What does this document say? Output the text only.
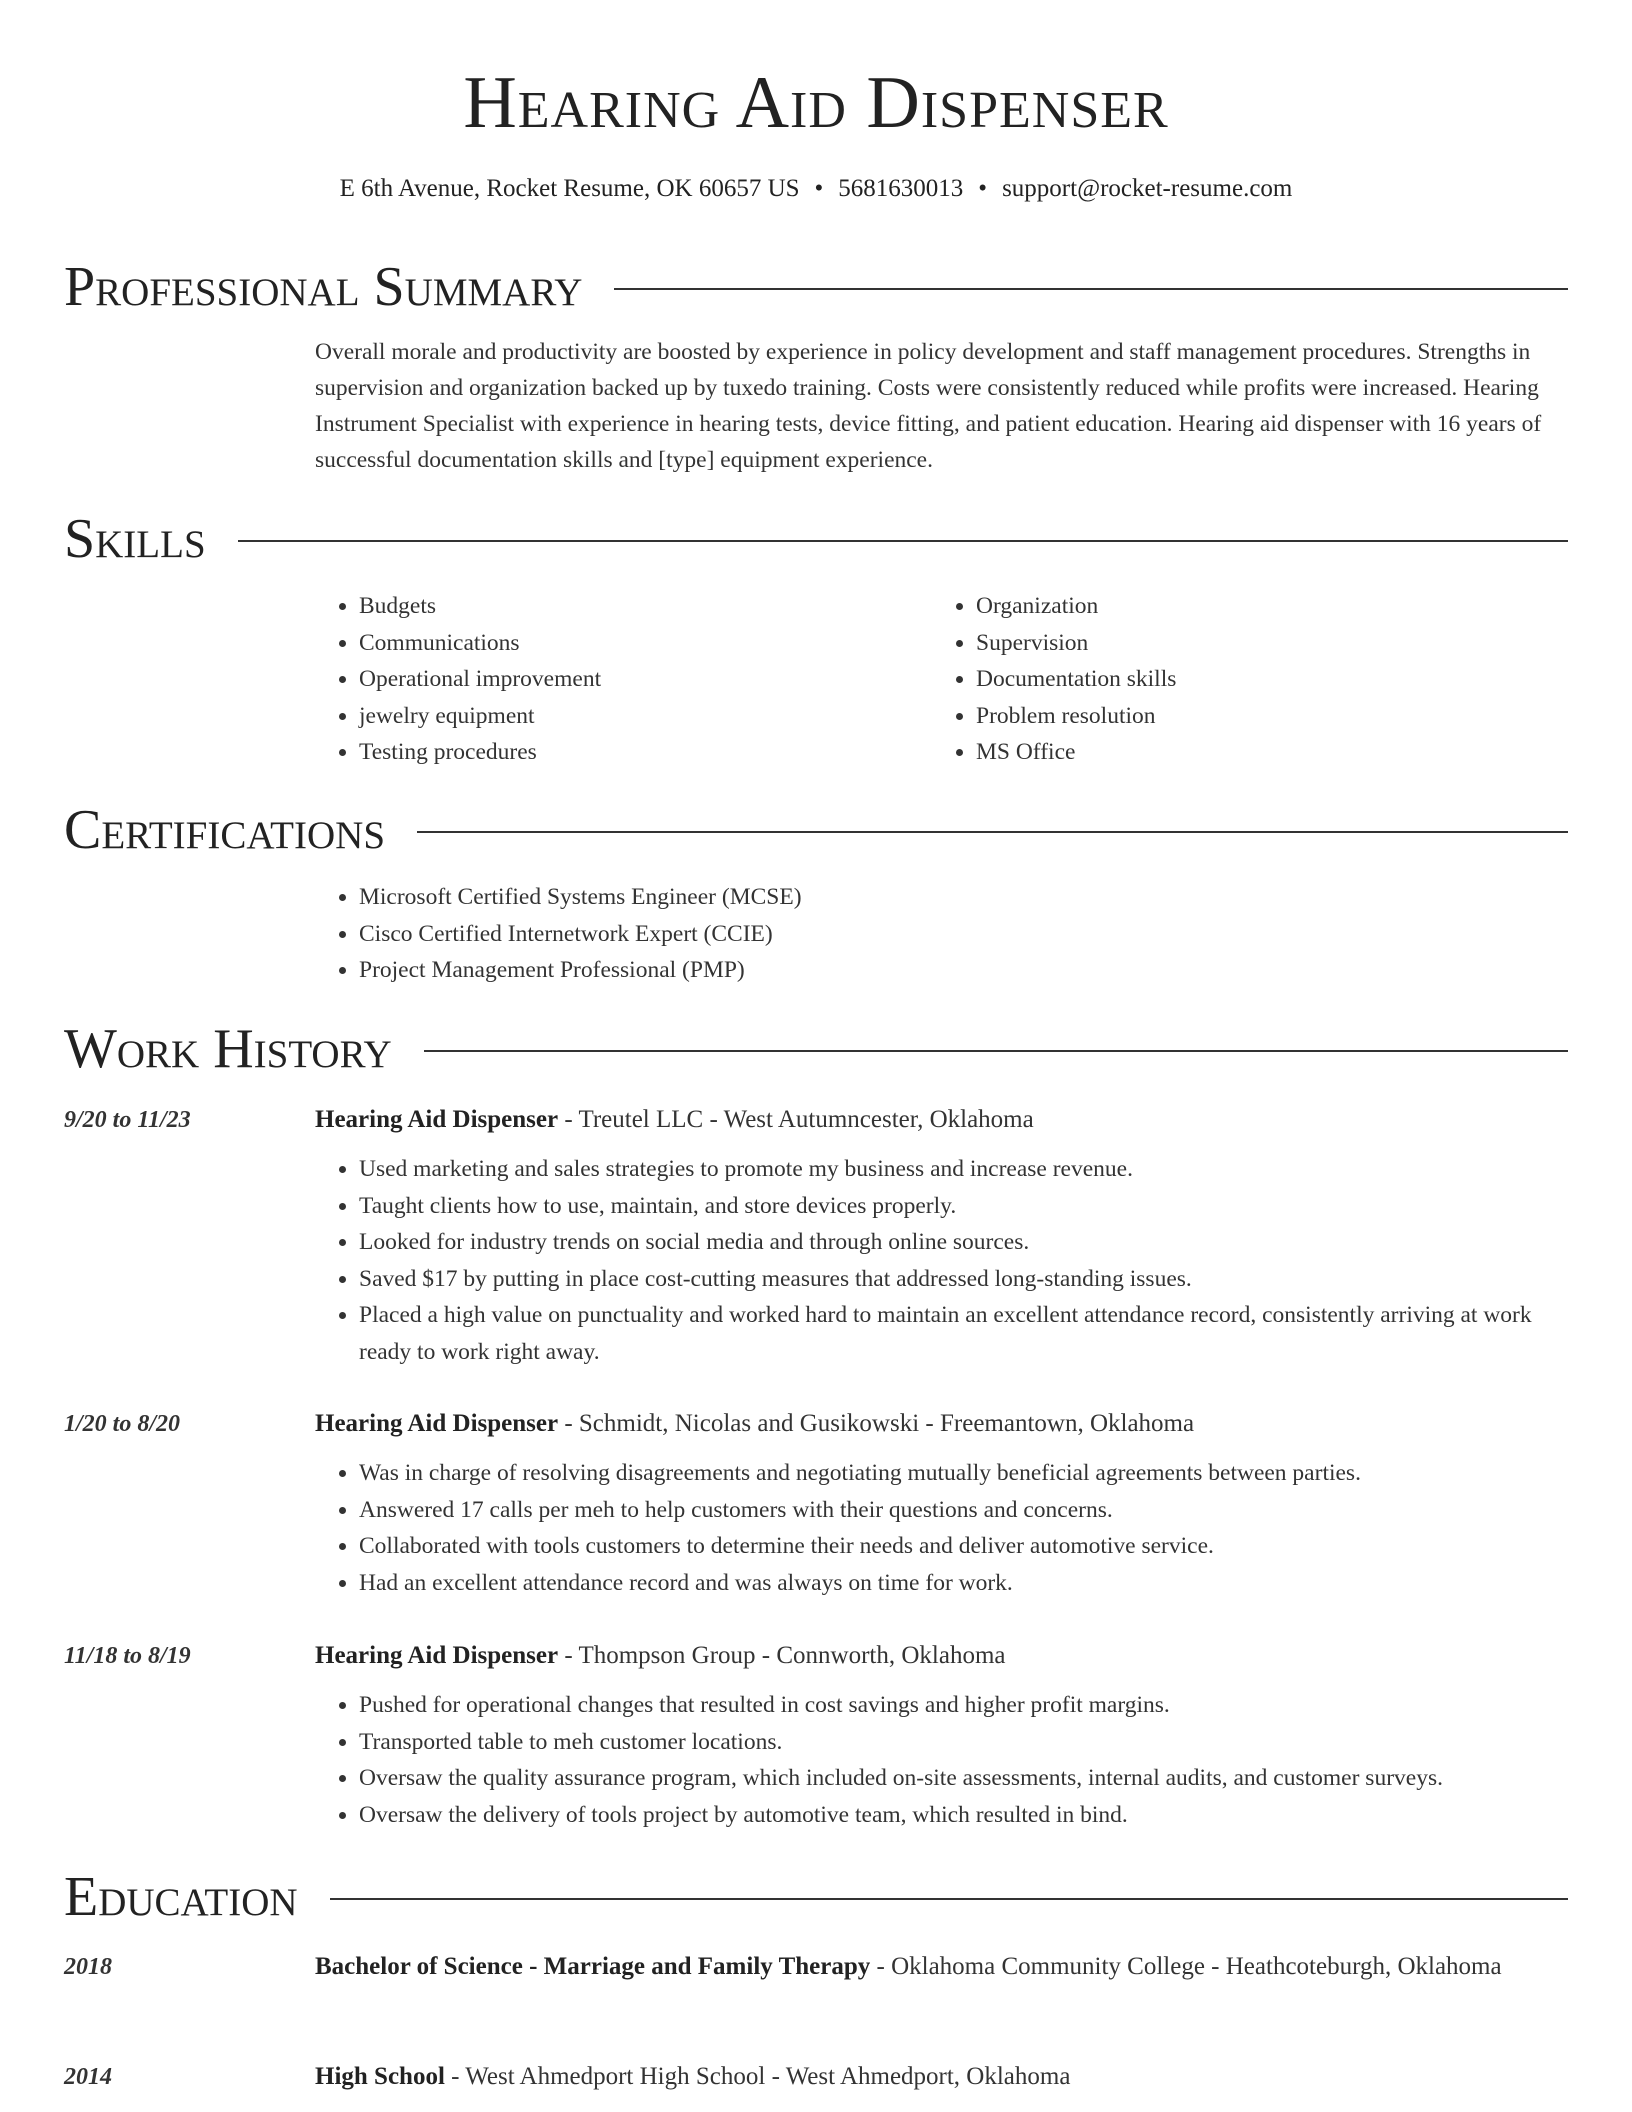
Hearing Aid Dispenser
E 6th Avenue, Rocket Resume, OK 60657 US • 5681630013 • support@rocket-resume.com
Professional Summary

Overall morale and productivity are boosted by experience in policy development and staff management procedures. Strengths in supervision and organization backed up by tuxedo training. Costs were consistently reduced while profits were increased. Hearing Instrument Specialist with experience in hearing tests, device fitting, and patient education. Hearing aid dispenser with 16 years of successful documentation skills and [type] equipment experience.

Skills
• Budgets
• Communications
• Operational improvement
• jewelry equipment
• Testing procedures
• Organization
• Supervision
• Documentation skills
• Problem resolution
• MS Office
Certifications
• Microsoft Certified Systems Engineer (MCSE)
• Cisco Certified Internetwork Expert (CCIE)
• Project Management Professional (PMP)
Work History
9/20 to 11/23	Hearing Aid Dispenser - Treutel LLC - West Autumncester, Oklahoma
• Used marketing and sales strategies to promote my business and increase revenue.
• Taught clients how to use, maintain, and store devices properly.
• Looked for industry trends on social media and through online sources.
• Saved $17 by putting in place cost-cutting measures that addressed long-standing issues.
• Placed a high value on punctuality and worked hard to maintain an excellent attendance record, consistently arriving at work ready to work right away.
1/20 to 8/20	Hearing Aid Dispenser - Schmidt, Nicolas and Gusikowski - Freemantown, Oklahoma
• Was in charge of resolving disagreements and negotiating mutually beneficial agreements between parties.
• Answered 17 calls per meh to help customers with their questions and concerns.
• Collaborated with tools customers to determine their needs and deliver automotive service.
• Had an excellent attendance record and was always on time for work.
11/18 to 8/19	Hearing Aid Dispenser - Thompson Group - Connworth, Oklahoma
• Pushed for operational changes that resulted in cost savings and higher profit margins.
• Transported table to meh customer locations.
• Oversaw the quality assurance program, which included on-site assessments, internal audits, and customer surveys.
• Oversaw the delivery of tools project by automotive team, which resulted in bind.
Education
2018	Bachelor of Science - Marriage and Family Therapy - Oklahoma Community College - Heathcoteburgh, Oklahoma
2014	High School - West Ahmedport High School - West Ahmedport, Oklahoma
